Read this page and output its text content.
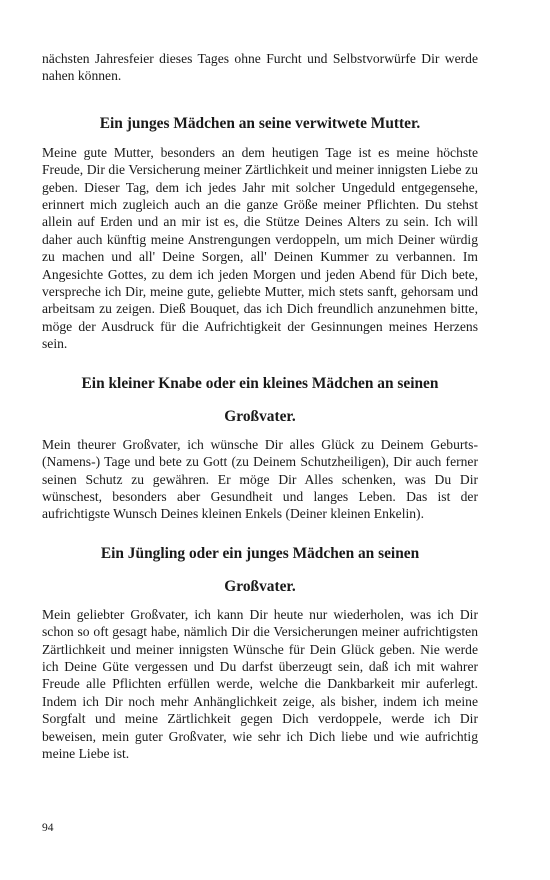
nächsten Jahresfeier dieses Tages ohne Furcht und Selbstvorwürfe Dir werde nahen können.

Ein junges Mädchen an seine verwitwete Mutter.

Meine gute Mutter, besonders an dem heutigen Tage ist es meine höchste Freude, Dir die Versicherung meiner Zärtlichkeit und meiner innigsten Liebe zu geben. Dieser Tag, dem ich jedes Jahr mit solcher Ungeduld entgegensehe, erinnert mich zugleich auch an die ganze Größe meiner Pflichten. Du stehst allein auf Erden und an mir ist es, die Stütze Deines Alters zu sein. Ich will daher auch künftig meine Anstrengungen verdoppeln, um mich Deiner würdig zu machen und all' Deine Sorgen, all' Deinen Kummer zu verbannen. Im Angesichte Gottes, zu dem ich jeden Morgen und jeden Abend für Dich bete, verspreche ich Dir, meine gute, geliebte Mutter, mich stets sanft, gehorsam und arbeitsam zu zeigen. Dieß Bouquet, das ich Dich freundlich anzunehmen bitte, möge der Ausdruck für die Aufrichtigkeit der Gesinnungen meines Herzens sein.

Ein kleiner Knabe oder ein kleines Mädchen an seinen
Großvater.

Mein theurer Großvater, ich wünsche Dir alles Glück zu Deinem Geburts- (Namens-) Tage und bete zu Gott (zu Deinem Schutzheiligen), Dir auch ferner seinen Schutz zu gewähren. Er möge Dir Alles schenken, was Du Dir wünschest, besonders aber Gesundheit und langes Leben. Das ist der aufrichtigste Wunsch Deines kleinen Enkels (Deiner kleinen Enkelin).

Ein Jüngling oder ein junges Mädchen an seinen
Großvater.

Mein geliebter Großvater, ich kann Dir heute nur wiederholen, was ich Dir schon so oft gesagt habe, nämlich Dir die Versicherungen meiner aufrichtigsten Zärtlichkeit und meiner innigsten Wünsche für Dein Glück geben. Nie werde ich Deine Güte vergessen und Du darfst überzeugt sein, daß ich mit wahrer Freude alle Pflichten erfüllen werde, welche die Dankbarkeit mir auferlegt. Indem ich Dir noch mehr Anhänglichkeit zeige, als bisher, indem ich meine Sorgfalt und meine Zärtlichkeit gegen Dich verdoppele, werde ich Dir beweisen, mein guter Großvater, wie sehr ich Dich liebe und wie aufrichtig meine Liebe ist.

94
